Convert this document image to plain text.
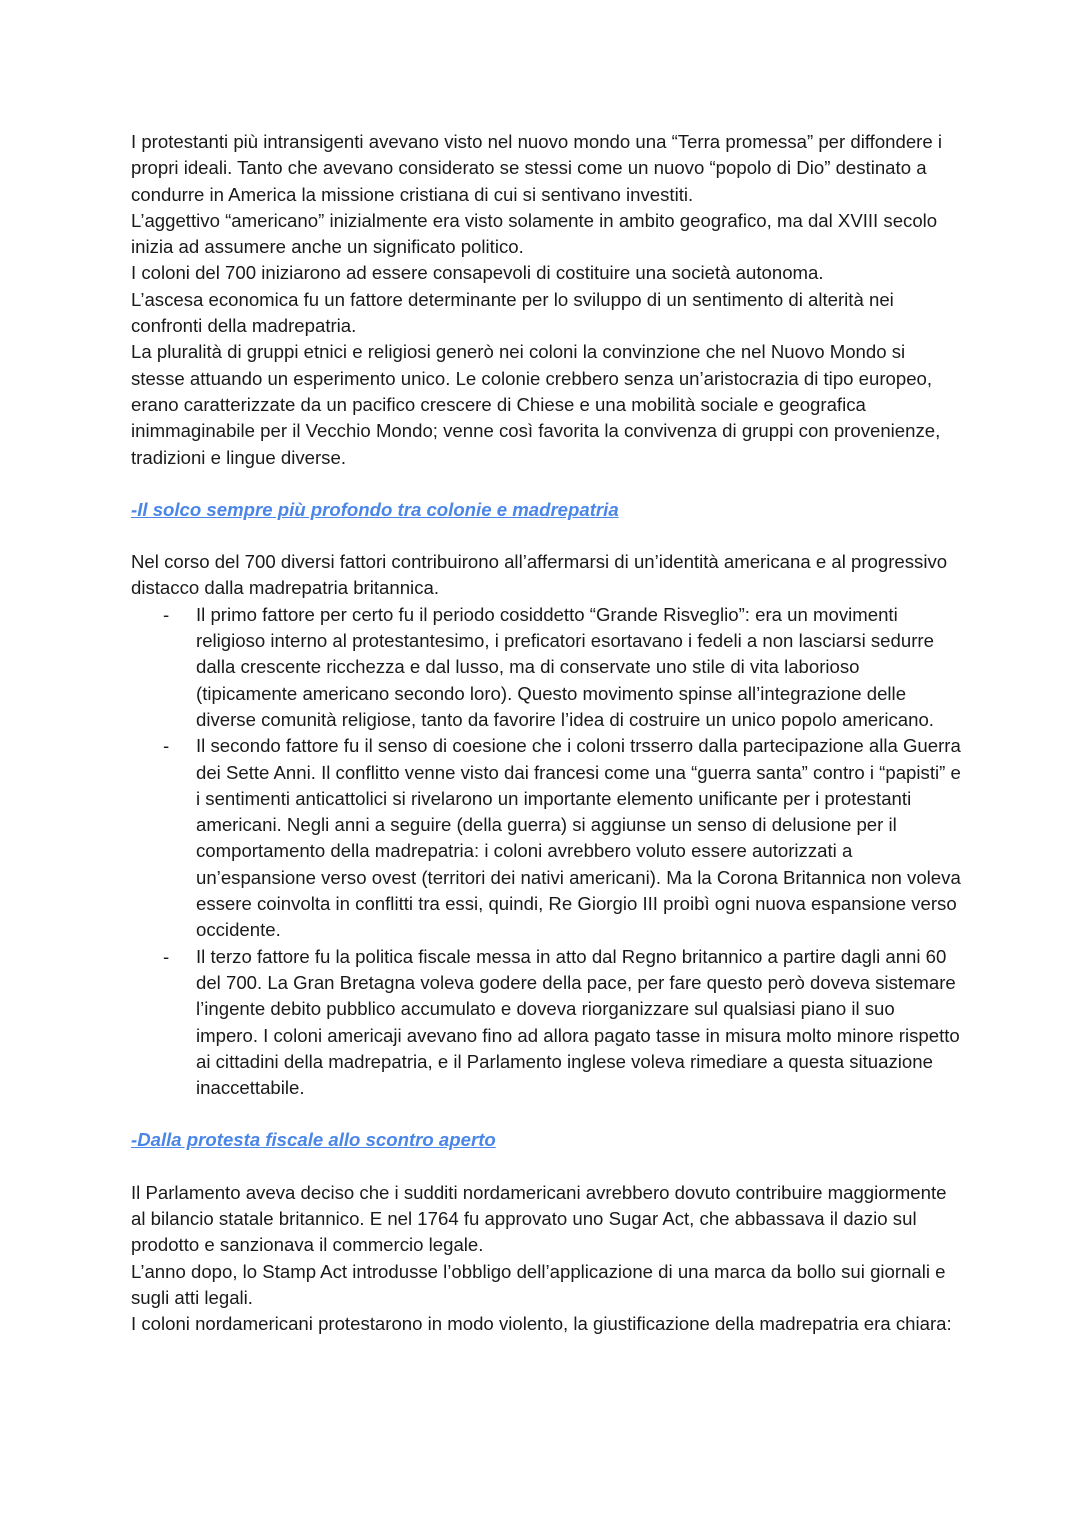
I protestanti più intransigenti avevano visto nel nuovo mondo una “Terra promessa” per diffondere i propri ideali. Tanto che avevano considerato se stessi come un nuovo “popolo di Dio” destinato a condurre in America la missione cristiana di cui si sentivano investiti.

L’aggettivo “americano” inizialmente era visto solamente in ambito geografico, ma dal XVIII secolo inizia ad assumere anche un significato politico.

I coloni del 700 iniziarono ad essere consapevoli di costituire una società autonoma.

L’ascesa economica fu un fattore determinante per lo sviluppo di un sentimento di alterità nei confronti della madrepatria.

La pluralità di gruppi etnici e religiosi generò nei coloni la convinzione che nel Nuovo Mondo si stesse attuando un esperimento unico. Le colonie crebbero senza un’aristocrazia di tipo europeo, erano caratterizzate da un pacifico crescere di Chiese e una mobilità sociale e geografica inimmaginabile per il Vecchio Mondo; venne così favorita la convivenza di gruppi con provenienze, tradizioni e lingue diverse.

-Il solco sempre più profondo tra colonie e madrepatria

Nel corso del 700 diversi fattori contribuirono all’affermarsi di un’identità americana e al progressivo distacco dalla madrepatria britannica.

- Il primo fattore per certo fu il periodo cosiddetto “Grande Risveglio”: era un movimenti religioso interno al protestantesimo, i preficatori esortavano i fedeli a non lasciarsi sedurre dalla crescente ricchezza e dal lusso, ma di conservate uno stile di vita laborioso (tipicamente americano secondo loro). Questo movimento spinse all’integrazione delle diverse comunità religiose, tanto da favorire l’idea di costruire un unico popolo americano.
- Il secondo fattore fu il senso di coesione che i coloni trsserro dalla partecipazione alla Guerra dei Sette Anni. Il conflitto venne visto dai francesi come una “guerra santa” contro i “papisti” e i sentimenti anticattolici si rivelarono un importante elemento unificante per i protestanti americani. Negli anni a seguire (della guerra) si aggiunse un senso di delusione per il comportamento della madrepatria: i coloni avrebbero voluto essere autorizzati a un’espansione verso ovest (territori dei nativi americani). Ma la Corona Britannica non voleva essere coinvolta in conflitti tra essi, quindi, Re Giorgio III proibì ogni nuova espansione verso occidente.
- Il terzo fattore fu la politica fiscale messa in atto dal Regno britannico a partire dagli anni 60 del 700. La Gran Bretagna voleva godere della pace, per fare questo però doveva sistemare l’ingente debito pubblico accumulato e doveva riorganizzare sul qualsiasi piano il suo impero. I coloni americaji avevano fino ad allora pagato tasse in misura molto minore rispetto ai cittadini della madrepatria, e il Parlamento inglese voleva rimediare a questa situazione inaccettabile.

-Dalla protesta fiscale allo scontro aperto

Il Parlamento aveva deciso che i sudditi nordamericani avrebbero dovuto contribuire maggiormente al bilancio statale britannico. E nel 1764 fu approvato uno Sugar Act, che abbassava il dazio sul prodotto e sanzionava il commercio legale.

L’anno dopo, lo Stamp Act introdusse l’obbligo dell’applicazione di una marca da bollo sui giornali e sugli atti legali.

I coloni nordamericani protestarono in modo violento, la giustificazione della madrepatria era chiara:
